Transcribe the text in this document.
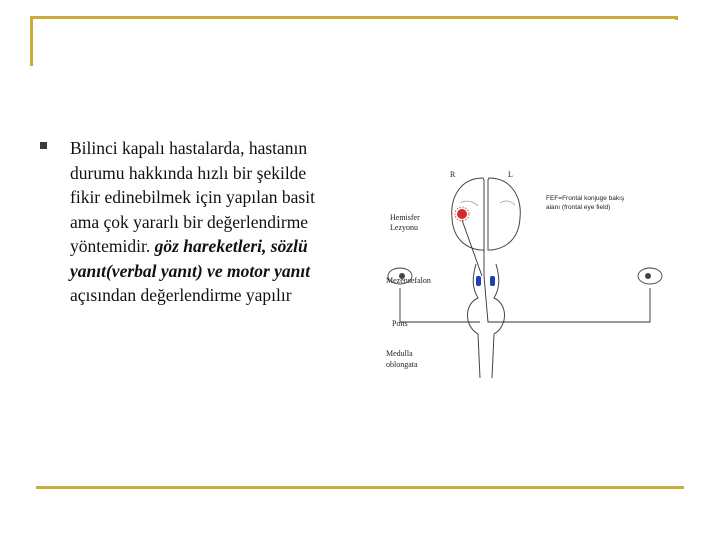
Bilinci kapalı hastalarda, hastanın durumu hakkında hızlı bir şekilde fikir edinebilmek için yapılan basit ama çok yararlı bir değerlendirme yöntemidir. göz hareketleri, sözlü yanıt(verbal yanıt) ve motor yanıt açısından değerlendirme yapılır
R	L
Hemisfer
Lezyonu
FEF=Frontal konjuge bakış
alanı (frontal eye field)
Mezensefalon
Pons
Medulla
oblongata
